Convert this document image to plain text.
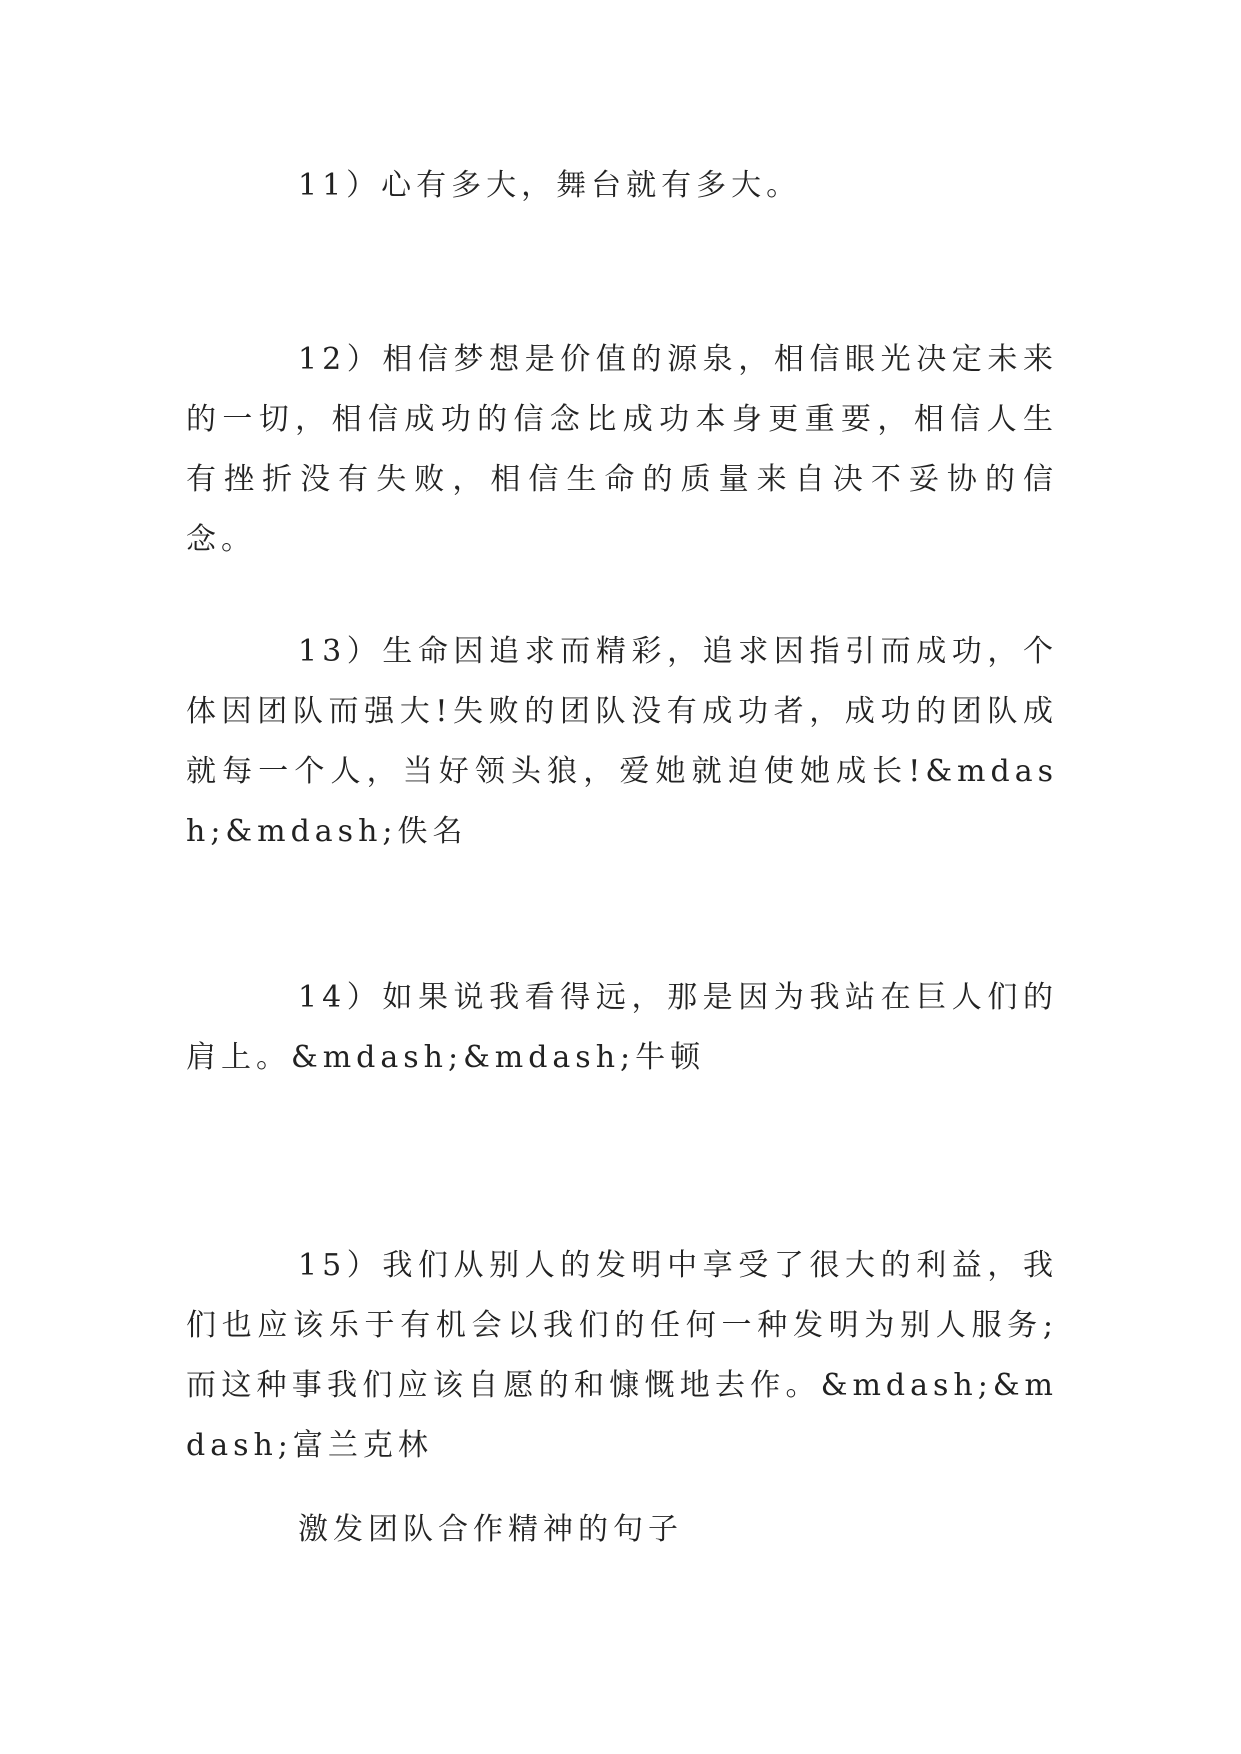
11）心有多大，舞台就有多大。

12）相信梦想是价值的源泉，相信眼光决定未来的一切，相信成功的信念比成功本身更重要，相信人生有挫折没有失败，相信生命的质量来自决不妥协的信念。

13）生命因追求而精彩，追求因指引而成功，个体因团队而强大!失败的团队没有成功者，成功的团队成就每一个人，当好领头狼，爱她就迫使她成长!&mdash;&mdash;佚名

14）如果说我看得远，那是因为我站在巨人们的肩上。&mdash;&mdash;牛顿

15）我们从别人的发明中享受了很大的利益，我们也应该乐于有机会以我们的任何一种发明为别人服务;而这种事我们应该自愿的和慷慨地去作。&mdash;&mdash;富兰克林

激发团队合作精神的句子
